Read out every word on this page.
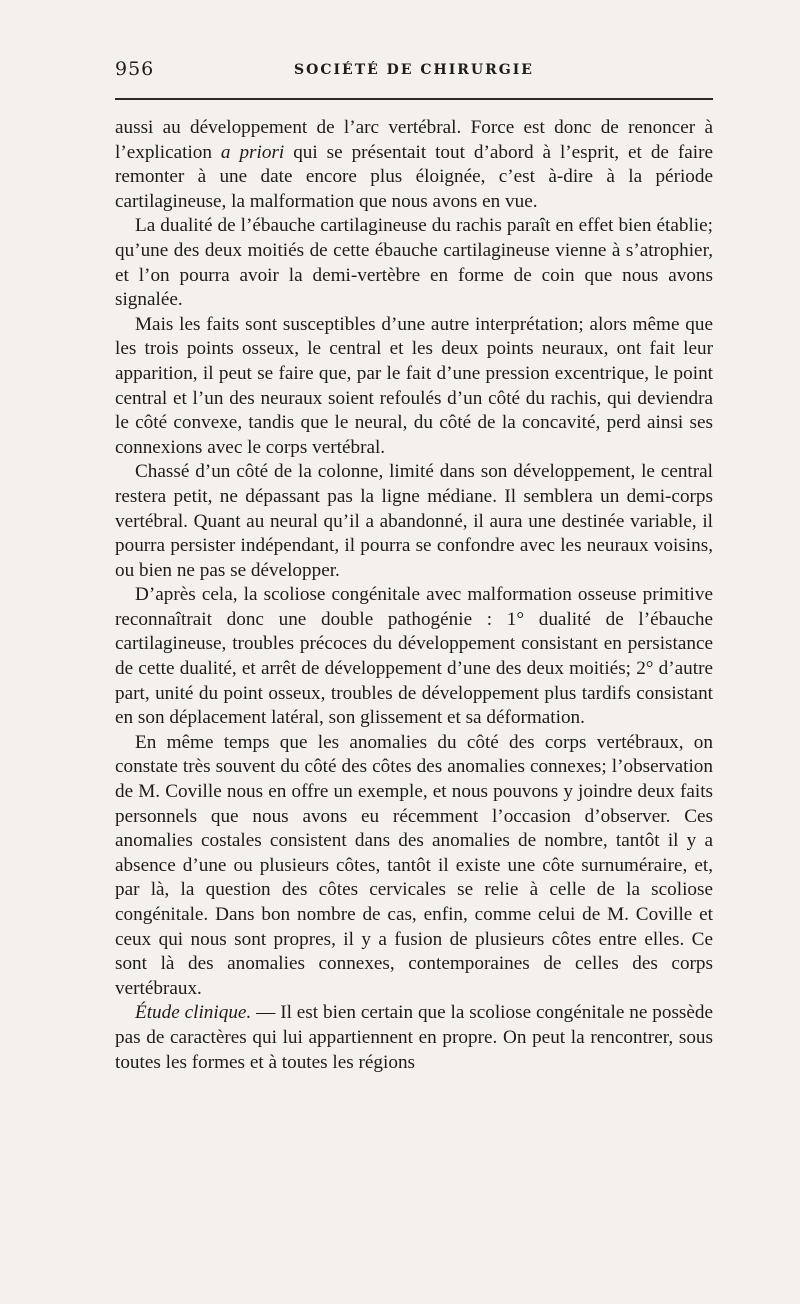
956	SOCIÉTÉ DE CHIRURGIE

aussi au développement de l’arc vertébral. Force est donc de renoncer à l’explication a priori qui se présentait tout d’abord à l’esprit, et de faire remonter à une date encore plus éloignée, c’est à-dire à la période cartilagineuse, la malformation que nous avons en vue.

La dualité de l’ébauche cartilagineuse du rachis paraît en effet bien établie; qu’une des deux moitiés de cette ébauche cartilagineuse vienne à s’atrophier, et l’on pourra avoir la demi-vertèbre en forme de coin que nous avons signalée.

Mais les faits sont susceptibles d’une autre interprétation; alors même que les trois points osseux, le central et les deux points neuraux, ont fait leur apparition, il peut se faire que, par le fait d’une pression excentrique, le point central et l’un des neuraux soient refoulés d’un côté du rachis, qui deviendra le côté convexe, tandis que le neural, du côté de la concavité, perd ainsi ses connexions avec le corps vertébral.

Chassé d’un côté de la colonne, limité dans son développement, le central restera petit, ne dépassant pas la ligne médiane. Il semblera un demi-corps vertébral. Quant au neural qu’il a abandonné, il aura une destinée variable, il pourra persister indépendant, il pourra se confondre avec les neuraux voisins, ou bien ne pas se développer.

D’après cela, la scoliose congénitale avec malformation osseuse primitive reconnaîtrait donc une double pathogénie : 1° dualité de l’ébauche cartilagineuse, troubles précoces du développement consistant en persistance de cette dualité, et arrêt de développement d’une des deux moitiés; 2° d’autre part, unité du point osseux, troubles de développement plus tardifs consistant en son déplacement latéral, son glissement et sa déformation.

En même temps que les anomalies du côté des corps vertébraux, on constate très souvent du côté des côtes des anomalies connexes; l’observation de M. Coville nous en offre un exemple, et nous pouvons y joindre deux faits personnels que nous avons eu récemment l’occasion d’observer. Ces anomalies costales consistent dans des anomalies de nombre, tantôt il y a absence d’une ou plusieurs côtes, tantôt il existe une côte surnuméraire, et, par là, la question des côtes cervicales se relie à celle de la scoliose congénitale. Dans bon nombre de cas, enfin, comme celui de M. Coville et ceux qui nous sont propres, il y a fusion de plusieurs côtes entre elles. Ce sont là des anomalies connexes, contemporaines de celles des corps vertébraux.

Étude clinique. — Il est bien certain que la scoliose congénitale ne possède pas de caractères qui lui appartiennent en propre. On peut la rencontrer, sous toutes les formes et à toutes les régions
